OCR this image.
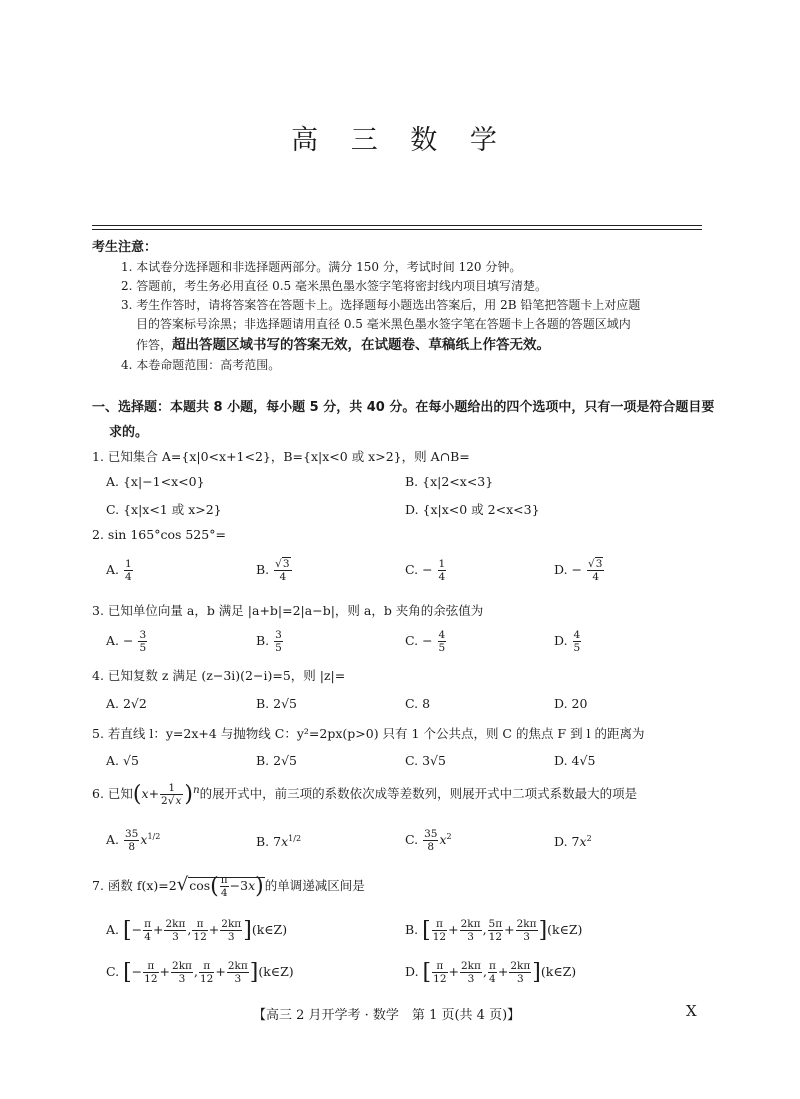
高 三 数 学
考生注意：
1. 本试卷分选择题和非选择题两部分。满分 150 分，考试时间 120 分钟。
2. 答题前，考生务必用直径 0.5 毫米黑色墨水签字笔将密封线内项目填写清楚。
3. 考生作答时，请将答案答在答题卡上。选择题每小题选出答案后，用 2B 铅笔把答题卡上对应题
目的答案标号涂黑；非选择题请用直径 0.5 毫米黑色墨水签字笔在答题卡上各题的答题区域内
作答，超出答题区域书写的答案无效，在试题卷、草稿纸上作答无效。
4. 本卷命题范围：高考范围。
一、选择题：本题共 8 小题，每小题 5 分，共 40 分。在每小题给出的四个选项中，只有一项是符合题目要
求的。
1. 已知集合 A={x|0<x+1<2}，B={x|x<0 或 x>2}，则 A∩B=
A. {x|−1<x<0}	B. {x|2<x<3}
C. {x|x<1 或 x>2}	D. {x|x<0 或 2<x<3}
2. sin 165°cos 525°=
A. $\frac{1}{4}$	B. $\frac{√3}{4}$	C. − $\frac{1}{4}$	D. − $\frac{√3}{4}$
3. 已知单位向量 a，b 满足 |a+b|=2|a−b|，则 a，b 夹角的余弦值为
A. − $\frac{3}{5}$	B. $\frac{3}{5}$	C. − $\frac{4}{5}$	D. $\frac{4}{5}$
4. 已知复数 z 满足 (z−3i)(2−i)=5，则 |z|=
A. 2√2	B. 2√5	C. 8	D. 20
5. 若直线 l：y=2x+4 与抛物线 C：y²=2px(p>0) 只有 1 个公共点，则 C 的焦点 F 到 l 的距离为
A. √5	B. 2√5	C. 3√5	D. 4√5
6. 已知$(x+ \frac{1}{2√x} )^n$的展开式中，前三项的系数依次成等差数列，则展开式中二项式系数最大的项是
A. $\frac{35}{8} x^{1/2}$	B. $7x^{1/2}$	C. $\frac{35}{8} x^2$	D. $7x^2$
7. 函数 $f(x)=2√\cos( \frac{\pi}{4} -3x)$的单调递减区间是
A. [− $\frac{\pi}{4} + \frac{2k\pi}{3}$ , $\frac{\pi}{12} + \frac{2k\pi}{3}$ ](k∈Z)	B. [ $\frac{\pi}{12} + \frac{2k\pi}{3}$ , $\frac{5\pi}{12} + \frac{2k\pi}{3}$ ](k∈Z)
C. [− $\frac{\pi}{12} + \frac{2k\pi}{3}$ , $\frac{\pi}{12} + \frac{2k\pi}{3}$ ](k∈Z)	D. [ $\frac{\pi}{12} + \frac{2k\pi}{3}$ , $\frac{\pi}{4} + \frac{2k\pi}{3}$ ](k∈Z)
【高三 2 月开学考 · 数学　第 1 页(共 4 页)】	X
